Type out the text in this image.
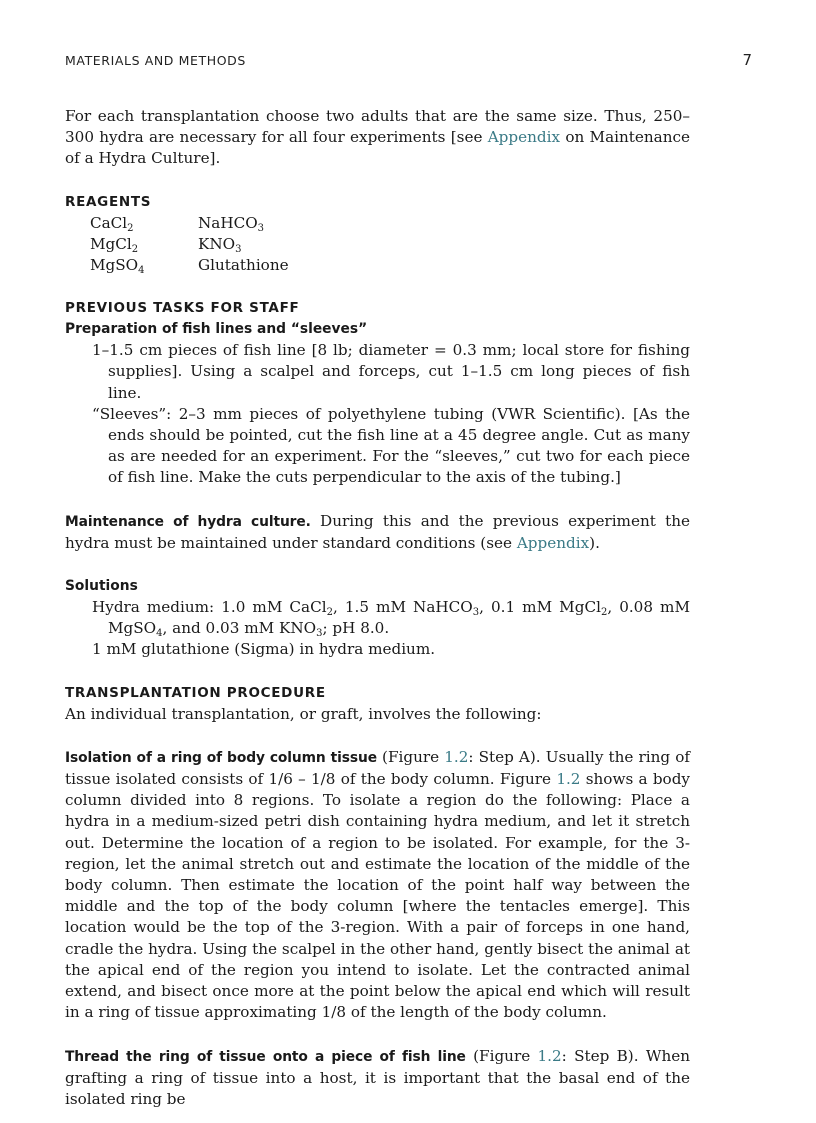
MATERIALS AND METHODS	7

For each transplantation choose two adults that are the same size. Thus, 250–300 hydra are necessary for all four experiments [see Appendix on Maintenance of a Hydra Culture].

REAGENTS
CaCl$_2$	NaHCO$_3$
MgCl$_2$	$KNO_3$
MgSO$_4$	Glutathione
PREVIOUS TASKS FOR STAFF
Preparation of fish lines and “sleeves”

1–1.5 cm pieces of fish line [8 lb; diameter = 0.3 mm; local store for fishing supplies]. Using a scalpel and forceps, cut 1–1.5 cm long pieces of fish line.

“Sleeves”: 2–3 mm pieces of polyethylene tubing (VWR Scientific). [As the ends should be pointed, cut the fish line at a 45 degree angle. Cut as many as are needed for an experiment. For the “sleeves,” cut two for each piece of fish line. Make the cuts perpendicular to the axis of the tubing.]

Maintenance of hydra culture. During this and the previous experiment the hydra must be maintained under standard conditions (see Appendix).

Solutions

Hydra medium: 1.0 mM CaCl$_2$, 1.5 mM NaHCO$_3$, 0.1 mM MgCl$_2$, 0.08 mM MgSO$_4$, and 0.03 mM $KNO_3$; pH 8.0.

1 mM glutathione (Sigma) in hydra medium.

TRANSPLANTATION PROCEDURE

An individual transplantation, or graft, involves the following:

Isolation of a ring of body column tissue (Figure 1.2: Step A). Usually the ring of tissue isolated consists of 1/6 – 1/8 of the body column. Figure 1.2 shows a body column divided into 8 regions. To isolate a region do the following: Place a hydra in a medium-sized petri dish containing hydra medium, and let it stretch out. Determine the location of a region to be isolated. For example, for the 3-region, let the animal stretch out and estimate the location of the middle of the body column. Then estimate the location of the point half way between the middle and the top of the body column [where the tentacles emerge]. This location would be the top of the 3-region. With a pair of forceps in one hand, cradle the hydra. Using the scalpel in the other hand, gently bisect the animal at the apical end of the region you intend to isolate. Let the contracted animal extend, and bisect once more at the point below the apical end which will result in a ring of tissue approximating 1/8 of the length of the body column.

Thread the ring of tissue onto a piece of fish line (Figure 1.2: Step B). When grafting a ring of tissue into a host, it is important that the basal end of the isolated ring be
